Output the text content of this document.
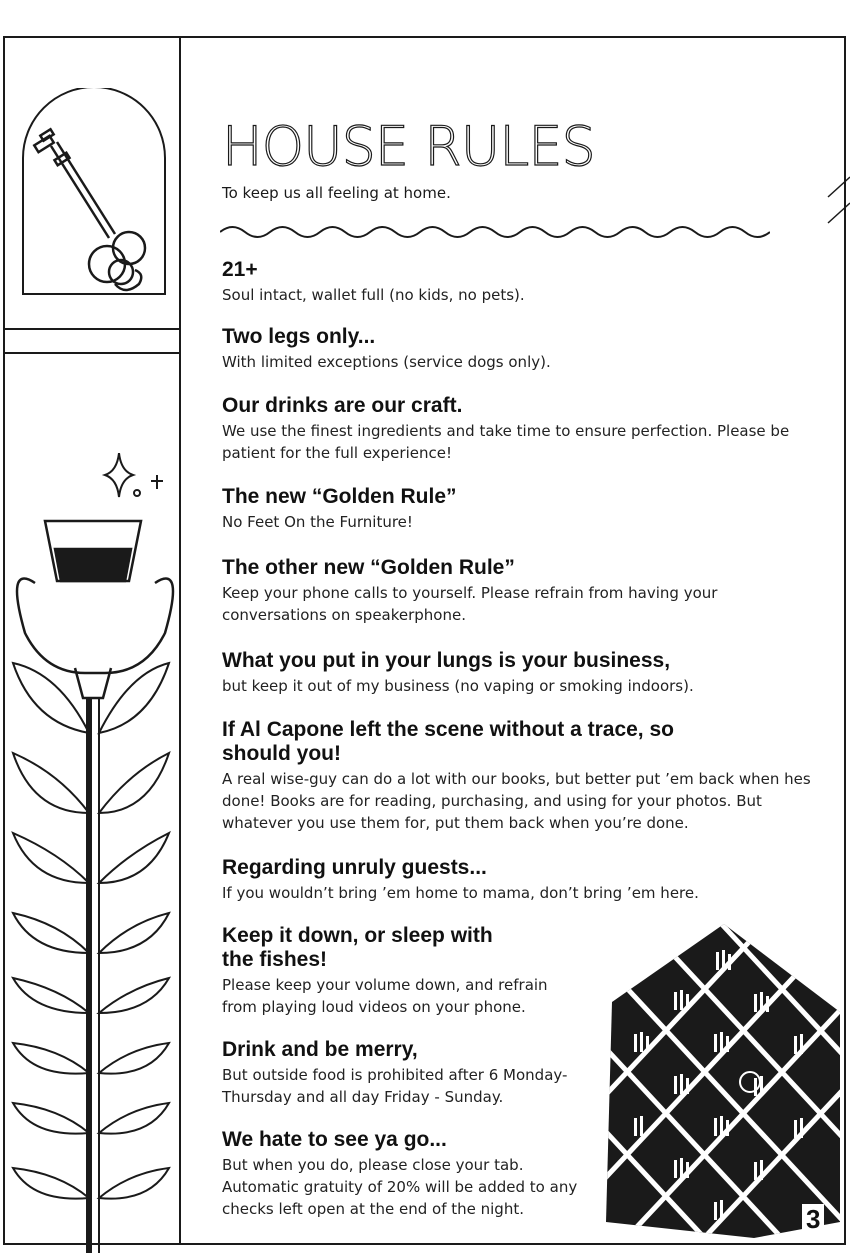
HOUSE RULES

To keep us all feeling at home.

21+

Soul intact, wallet full (no kids, no pets).

Two legs only...

With limited exceptions (service dogs only).

Our drinks are our craft.

We use the finest ingredients and take time to ensure perfection. Please be patient for the full experience!

The new “Golden Rule”

No Feet On the Furniture!

The other new “Golden Rule”

Keep your phone calls to yourself. Please refrain from having your conversations on speakerphone.

What you put in your lungs is your business,

but keep it out of my business (no vaping or smoking indoors).

If Al Capone left the scene without a trace, so should you!

A real wise-guy can do a lot with our books, but better put ’em back when hes done! Books are for reading, purchasing, and using for your photos. But whatever you use them for, put them back when you’re done.

Regarding unruly guests...

If you wouldn’t bring ’em home to mama, don’t bring ’em here.

Keep it down, or sleep with the fishes!

Please keep your volume down, and refrain from playing loud videos on your phone.

Drink and be merry,

But outside food is prohibited after 6 Monday-Thursday and all day Friday - Sunday.

We hate to see ya go...

But when you do, please close your tab. Automatic gratuity of 20% will be added to any checks left open at the end of the night.	3
